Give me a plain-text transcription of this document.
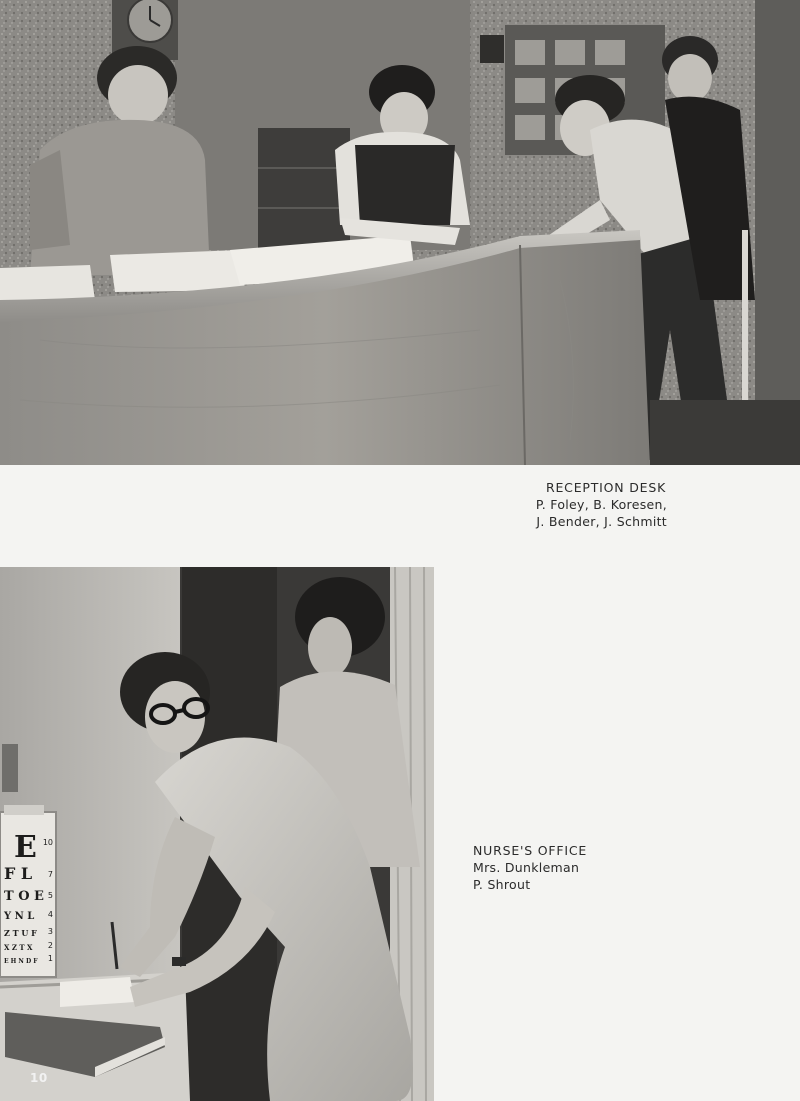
RECEPTION DESK
P. Foley, B. Koresen,
J. Bender, J. Schmitt
E
F L
T O E
Y N L
Z T U F
X Z T X
E H N D F
10
7
5
4
3
2
1
NURSE'S OFFICE
Mrs. Dunkleman
P. Shrout
10
